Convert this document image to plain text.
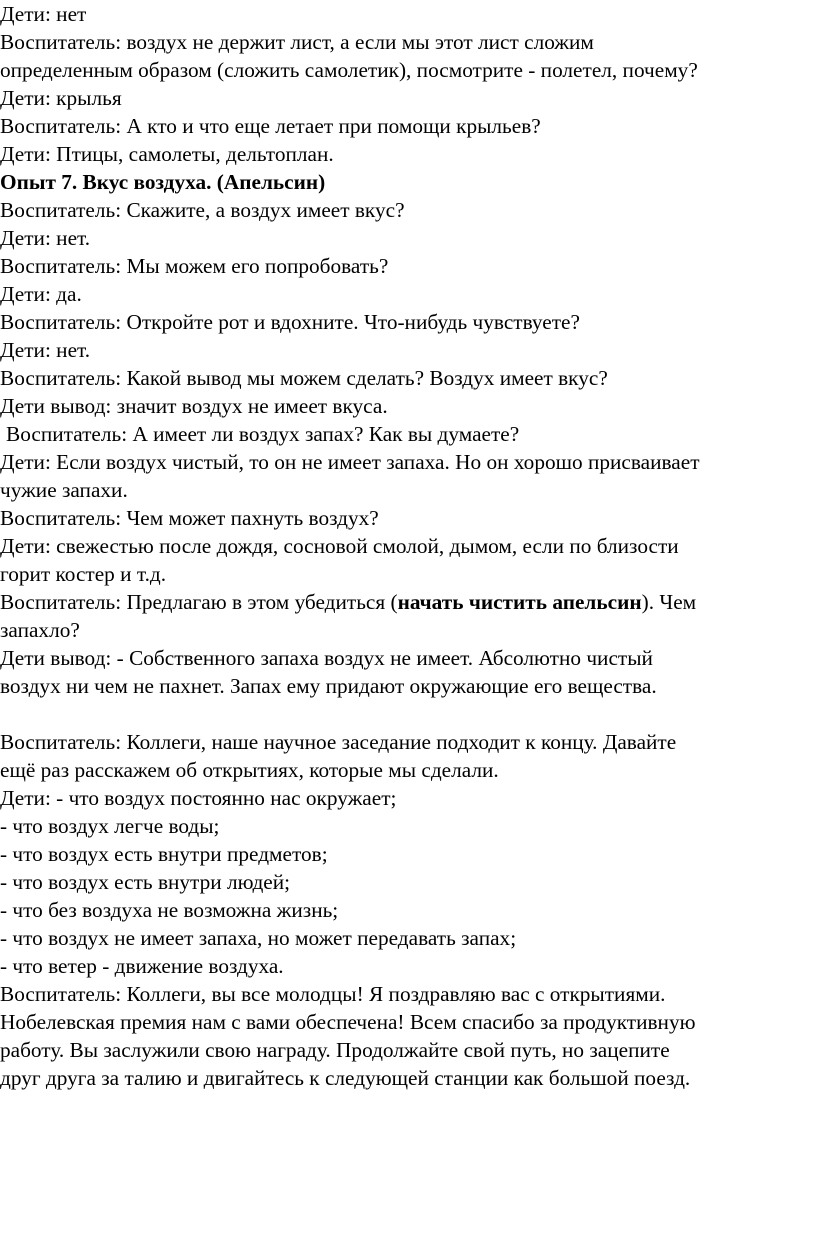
Дети: нет

Воспитатель: воздух не держит лист, а если мы этот лист сложим

определенным образом (сложить самолетик), посмотрите - полетел, почему?

Дети: крылья

Воспитатель: А кто и что еще летает при помощи крыльев?

Дети: Птицы, самолеты, дельтоплан.

Опыт 7. Вкус воздуха. (Апельсин)

Воспитатель: Скажите, а воздух имеет вкус?

Дети: нет.

Воспитатель: Мы можем его попробовать?

Дети: да.

Воспитатель: Откройте рот и вдохните. Что-нибудь чувствуете?

Дети: нет.

Воспитатель: Какой вывод мы можем сделать? Воздух имеет вкус?

Дети вывод: значит воздух не имеет вкуса.

Воспитатель: А имеет ли воздух запах? Как вы думаете?

Дети: Если воздух чистый, то он не имеет запаха. Но он хорошо присваивает

чужие запахи.

Воспитатель: Чем может пахнуть воздух?

Дети: свежестью после дождя, сосновой смолой, дымом, если по близости

горит костер и т.д.

Воспитатель: Предлагаю в этом убедиться (начать чистить апельсин). Чем

запахло?

Дети вывод: - Собственного запаха воздух не имеет. Абсолютно чистый

воздух ни чем не пахнет. Запах ему придают окружающие его вещества.

Воспитатель: Коллеги, наше научное заседание подходит к концу. Давайте

ещё раз расскажем об открытиях, которые мы сделали.

Дети: - что воздух постоянно нас окружает;

- что воздух легче воды;

- что воздух есть внутри предметов;

- что воздух есть внутри людей;

- что без воздуха не возможна жизнь;

- что воздух не имеет запаха, но может передавать запах;

- что ветер - движение воздуха.

Воспитатель: Коллеги, вы все молодцы! Я поздравляю вас с открытиями.

Нобелевская премия нам с вами обеспечена! Всем спасибо за продуктивную

работу. Вы заслужили свою награду. Продолжайте свой путь, но зацепите

друг друга за талию и двигайтесь к следующей станции как большой поезд.
